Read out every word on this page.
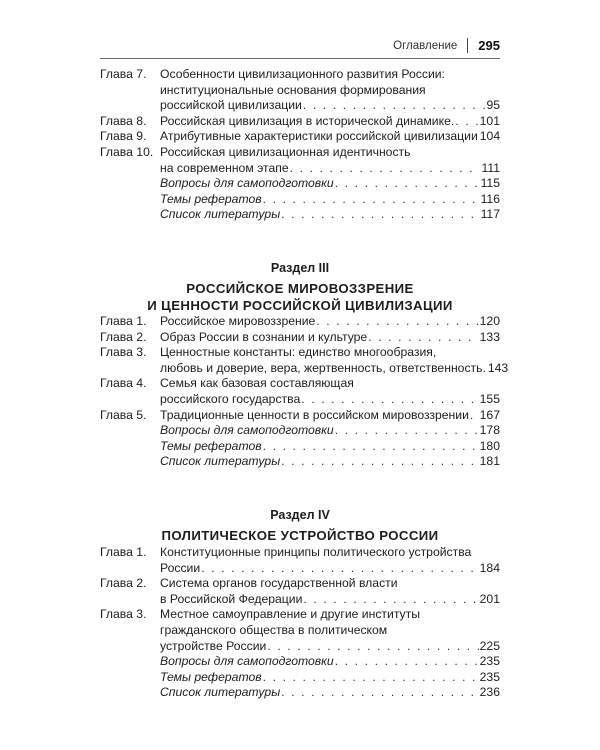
Оглавление 295
Глава 7.	Особенности цивилизационного развития России:
институциональные основания формирования
российской цивилизации . . .	95
Глава 8.	Российская цивилизация в исторической динамике. . . . 101
Глава 9.	Атрибутивные характеристики российской цивилизации 104
Глава 10. Российская цивилизационная идентичность
на современном этапе . . .	111
Вопросы для самоподготовки . . .	115
Темы рефератов . . .	116
Список литературы . . .	117
Раздел III
РОССИЙСКОЕ МИРОВОЗЗРЕНИЕ
И ЦЕННОСТИ РОССИЙСКОЙ ЦИВИЛИЗАЦИИ
Глава 1.	Российское мировоззрение . . .	120
Глава 2.	Образ России в сознании и культуре . . .	133
Глава 3.	Ценностные константы: единство многообразия,
любовь и доверие, вера, жертвенность, ответственность. 143
Глава 4.	Семья как базовая составляющая
российского государства . . .	155
Глава 5.	Традиционные ценности в российском мировоззрении . . . 167
Вопросы для самоподготовки . . .	178
Темы рефератов . . .	180
Список литературы . . .	181
Раздел IV
ПОЛИТИЧЕСКОЕ УСТРОЙСТВО РОССИИ
Глава 1.	Конституционные принципы политического устройства
России . . .	184
Глава 2.	Система органов государственной власти
в Российской Федерации . . .	201
Глава 3.	Местное самоуправление и другие институты
гражданского общества в политическом
устройстве России . . .	225
Вопросы для самоподготовки . . .	235
Темы рефератов . . .	235
Список литературы . . .	236
